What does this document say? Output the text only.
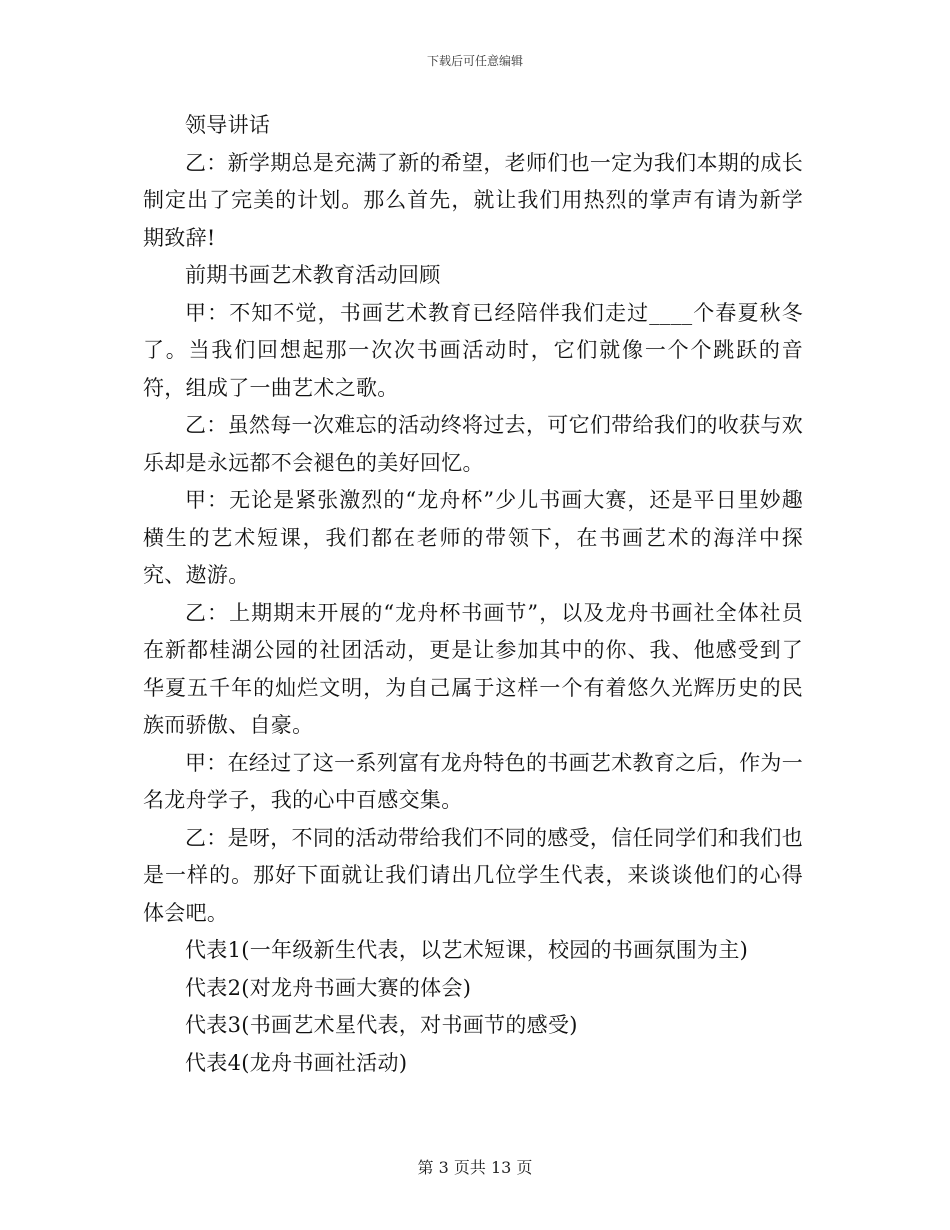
下载后可任意编辑

领导讲话

乙：新学期总是充满了新的希望，老师们也一定为我们本期的成长制定出了完美的计划。那么首先，就让我们用热烈的掌声有请为新学期致辞!

前期书画艺术教育活动回顾

甲：不知不觉，书画艺术教育已经陪伴我们走过____个春夏秋冬了。当我们回想起那一次次书画活动时，它们就像一个个跳跃的音符，组成了一曲艺术之歌。

乙：虽然每一次难忘的活动终将过去，可它们带给我们的收获与欢乐却是永远都不会褪色的美好回忆。

甲：无论是紧张激烈的“龙舟杯”少儿书画大赛，还是平日里妙趣横生的艺术短课，我们都在老师的带领下，在书画艺术的海洋中探究、遨游。

乙：上期期末开展的“龙舟杯书画节”，以及龙舟书画社全体社员在新都桂湖公园的社团活动，更是让参加其中的你、我、他感受到了华夏五千年的灿烂文明，为自己属于这样一个有着悠久光辉历史的民族而骄傲、自豪。

甲：在经过了这一系列富有龙舟特色的书画艺术教育之后，作为一名龙舟学子，我的心中百感交集。

乙：是呀，不同的活动带给我们不同的感受，信任同学们和我们也是一样的。那好下面就让我们请出几位学生代表，来谈谈他们的心得体会吧。

代表1(一年级新生代表，以艺术短课，校园的书画氛围为主)

代表2(对龙舟书画大赛的体会)

代表3(书画艺术星代表，对书画节的感受)

代表4(龙舟书画社活动)

第 3 页共 13 页
